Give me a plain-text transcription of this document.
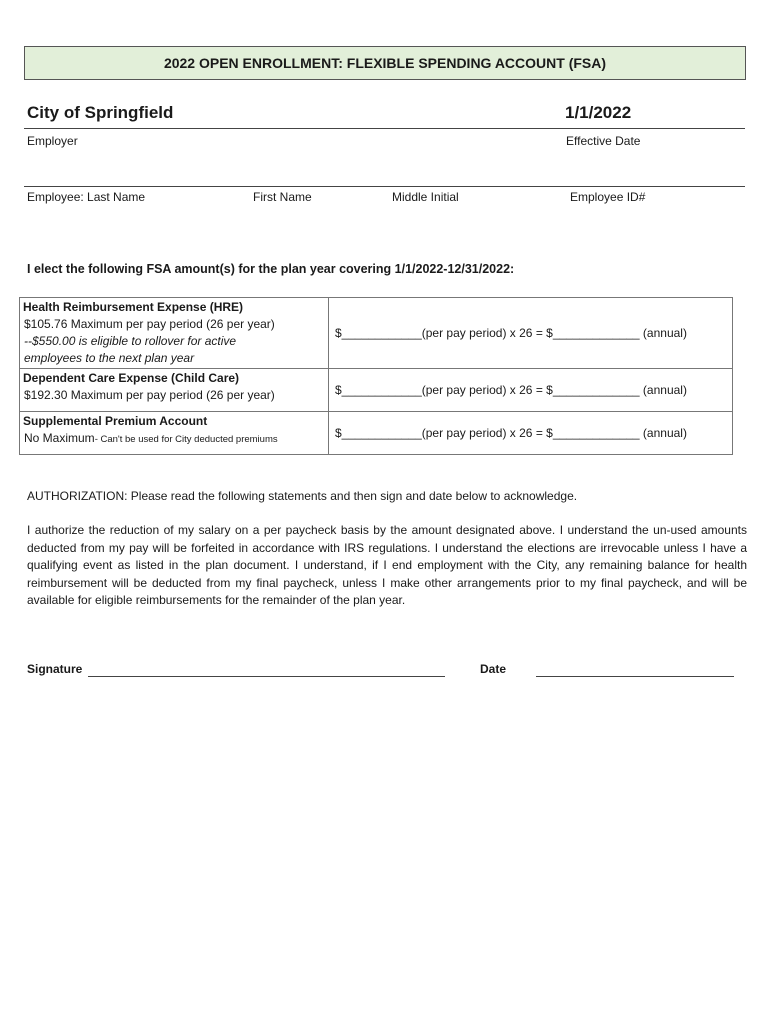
2022 OPEN ENROLLMENT: FLEXIBLE SPENDING ACCOUNT (FSA)
City of Springfield	1/1/2022
Employer	Effective Date
Employee: Last Name	First Name	Middle Initial	Employee ID#
I elect the following FSA amount(s) for the plan year covering 1/1/2022-12/31/2022:
Health Reimbursement Expense (HRE)
$105.76 Maximum per pay period (26 per year)
--$550.00 is eligible to rollover for active
employees to the next plan year	$____________(per pay period) x 26 = $_____________ (annual)

Dependent Care Expense (Child Care)
$192.30 Maximum per pay period (26 per year)	$____________(per pay period) x 26 = $_____________ (annual)

Supplemental Premium Account
No Maximum- Can't be used for City deducted premiums	$____________(per pay period) x 26 = $_____________ (annual)
AUTHORIZATION: Please read the following statements and then sign and date below to acknowledge.
I authorize the reduction of my salary on a per paycheck basis by the amount designated above. I understand the un-used amounts deducted from my pay will be forfeited in accordance with IRS regulations. I understand the elections are irrevocable unless I have a qualifying event as listed in the plan document. I understand, if I end employment with the City, any remaining balance for health reimbursement will be deducted from my final paycheck, unless I make other arrangements prior to my final paycheck, and will be available for eligible reimbursements for the remainder of the plan year.
Signature	Date
